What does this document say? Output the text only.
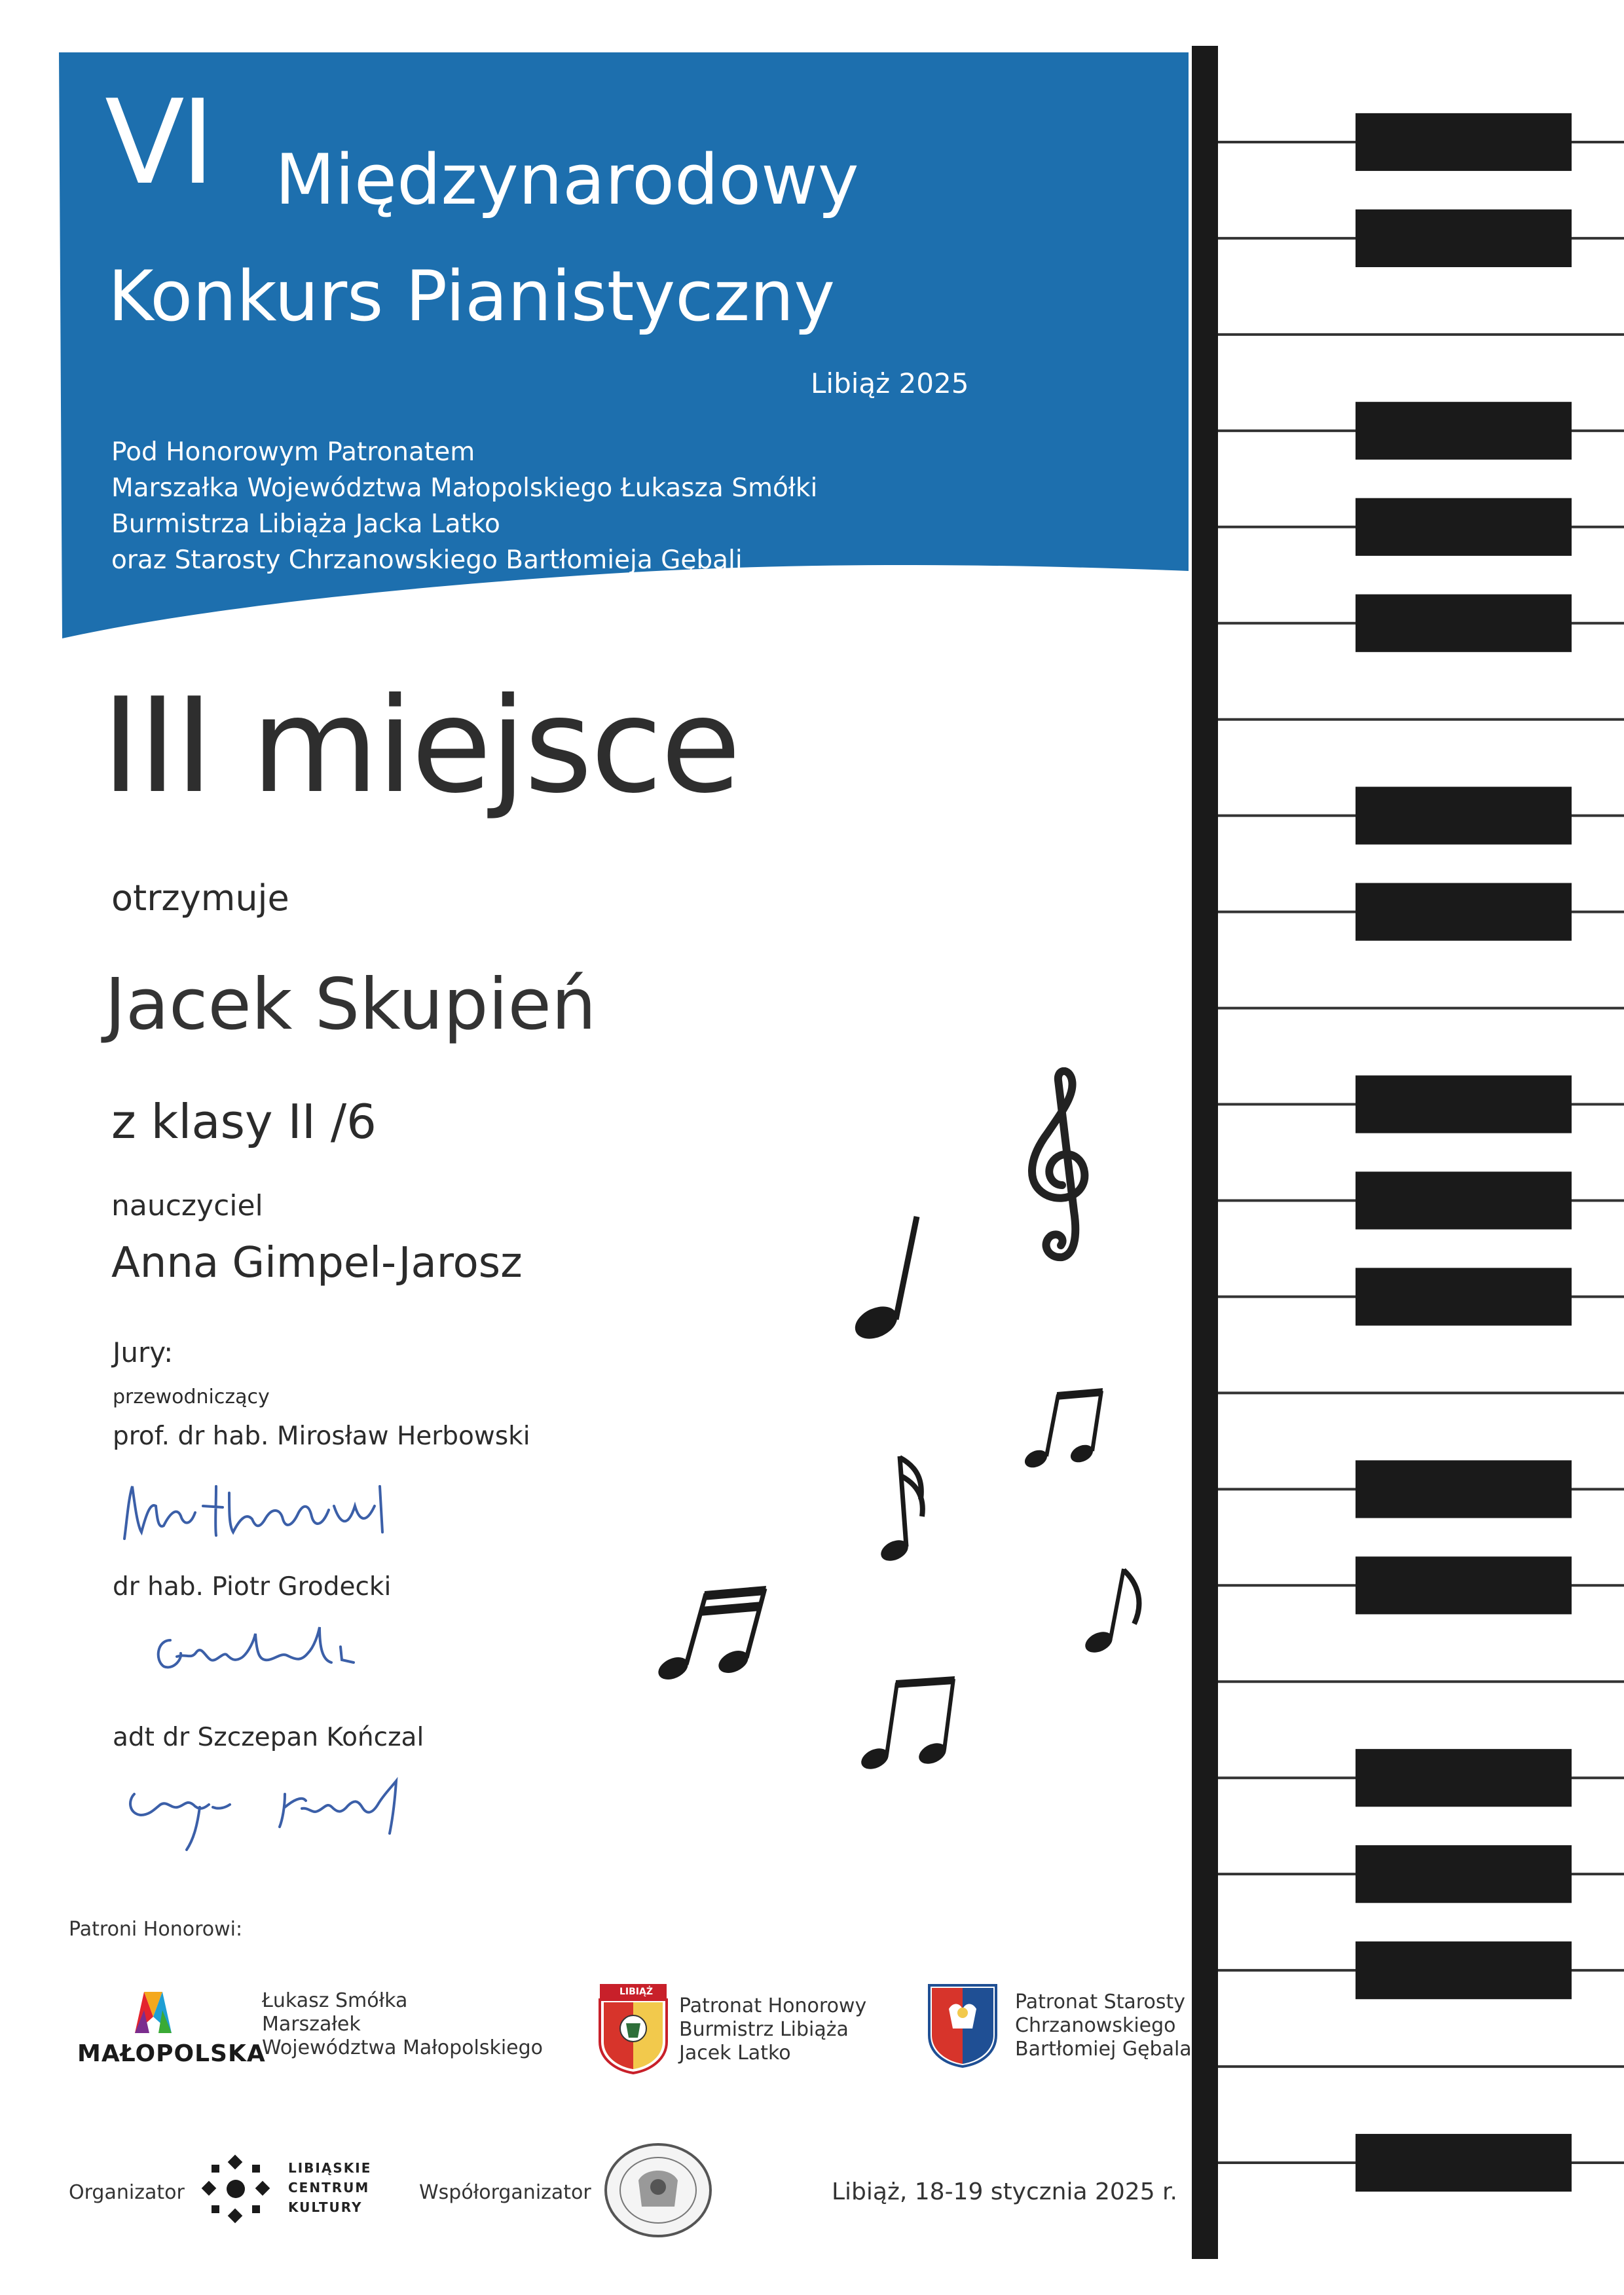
VI Międzynarodowy
Konkurs Pianistyczny
Libiąż 2025
Pod Honorowym Patronatem
Marszałka Województwa Małopolskiego Łukasza Smółki
Burmistrza Libiąża Jacka Latko
oraz Starosty Chrzanowskiego Bartłomieja Gębali
III miejsce
otrzymuje
Jacek Skupień
z klasy II /6
nauczyciel
Anna Gimpel-Jarosz
Jury:
przewodniczący
prof. dr hab. Mirosław Herbowski
dr hab. Piotr Grodecki
adt dr Szczepan Kończal
Patroni Honorowi:
MAŁOPOLSKA
Łukasz Smółka
Marszałek
Województwa Małopolskiego
LIBIĄŻ
Patronat Honorowy
Burmistrz Libiąża
Jacek Latko
Patronat Starosty
Chrzanowskiego
Bartłomiej Gębala
Organizator
LIBIĄSKIE
CENTRUM
KULTURY
Współorganizator	Libiąż, 18-19 stycznia 2025 r.
